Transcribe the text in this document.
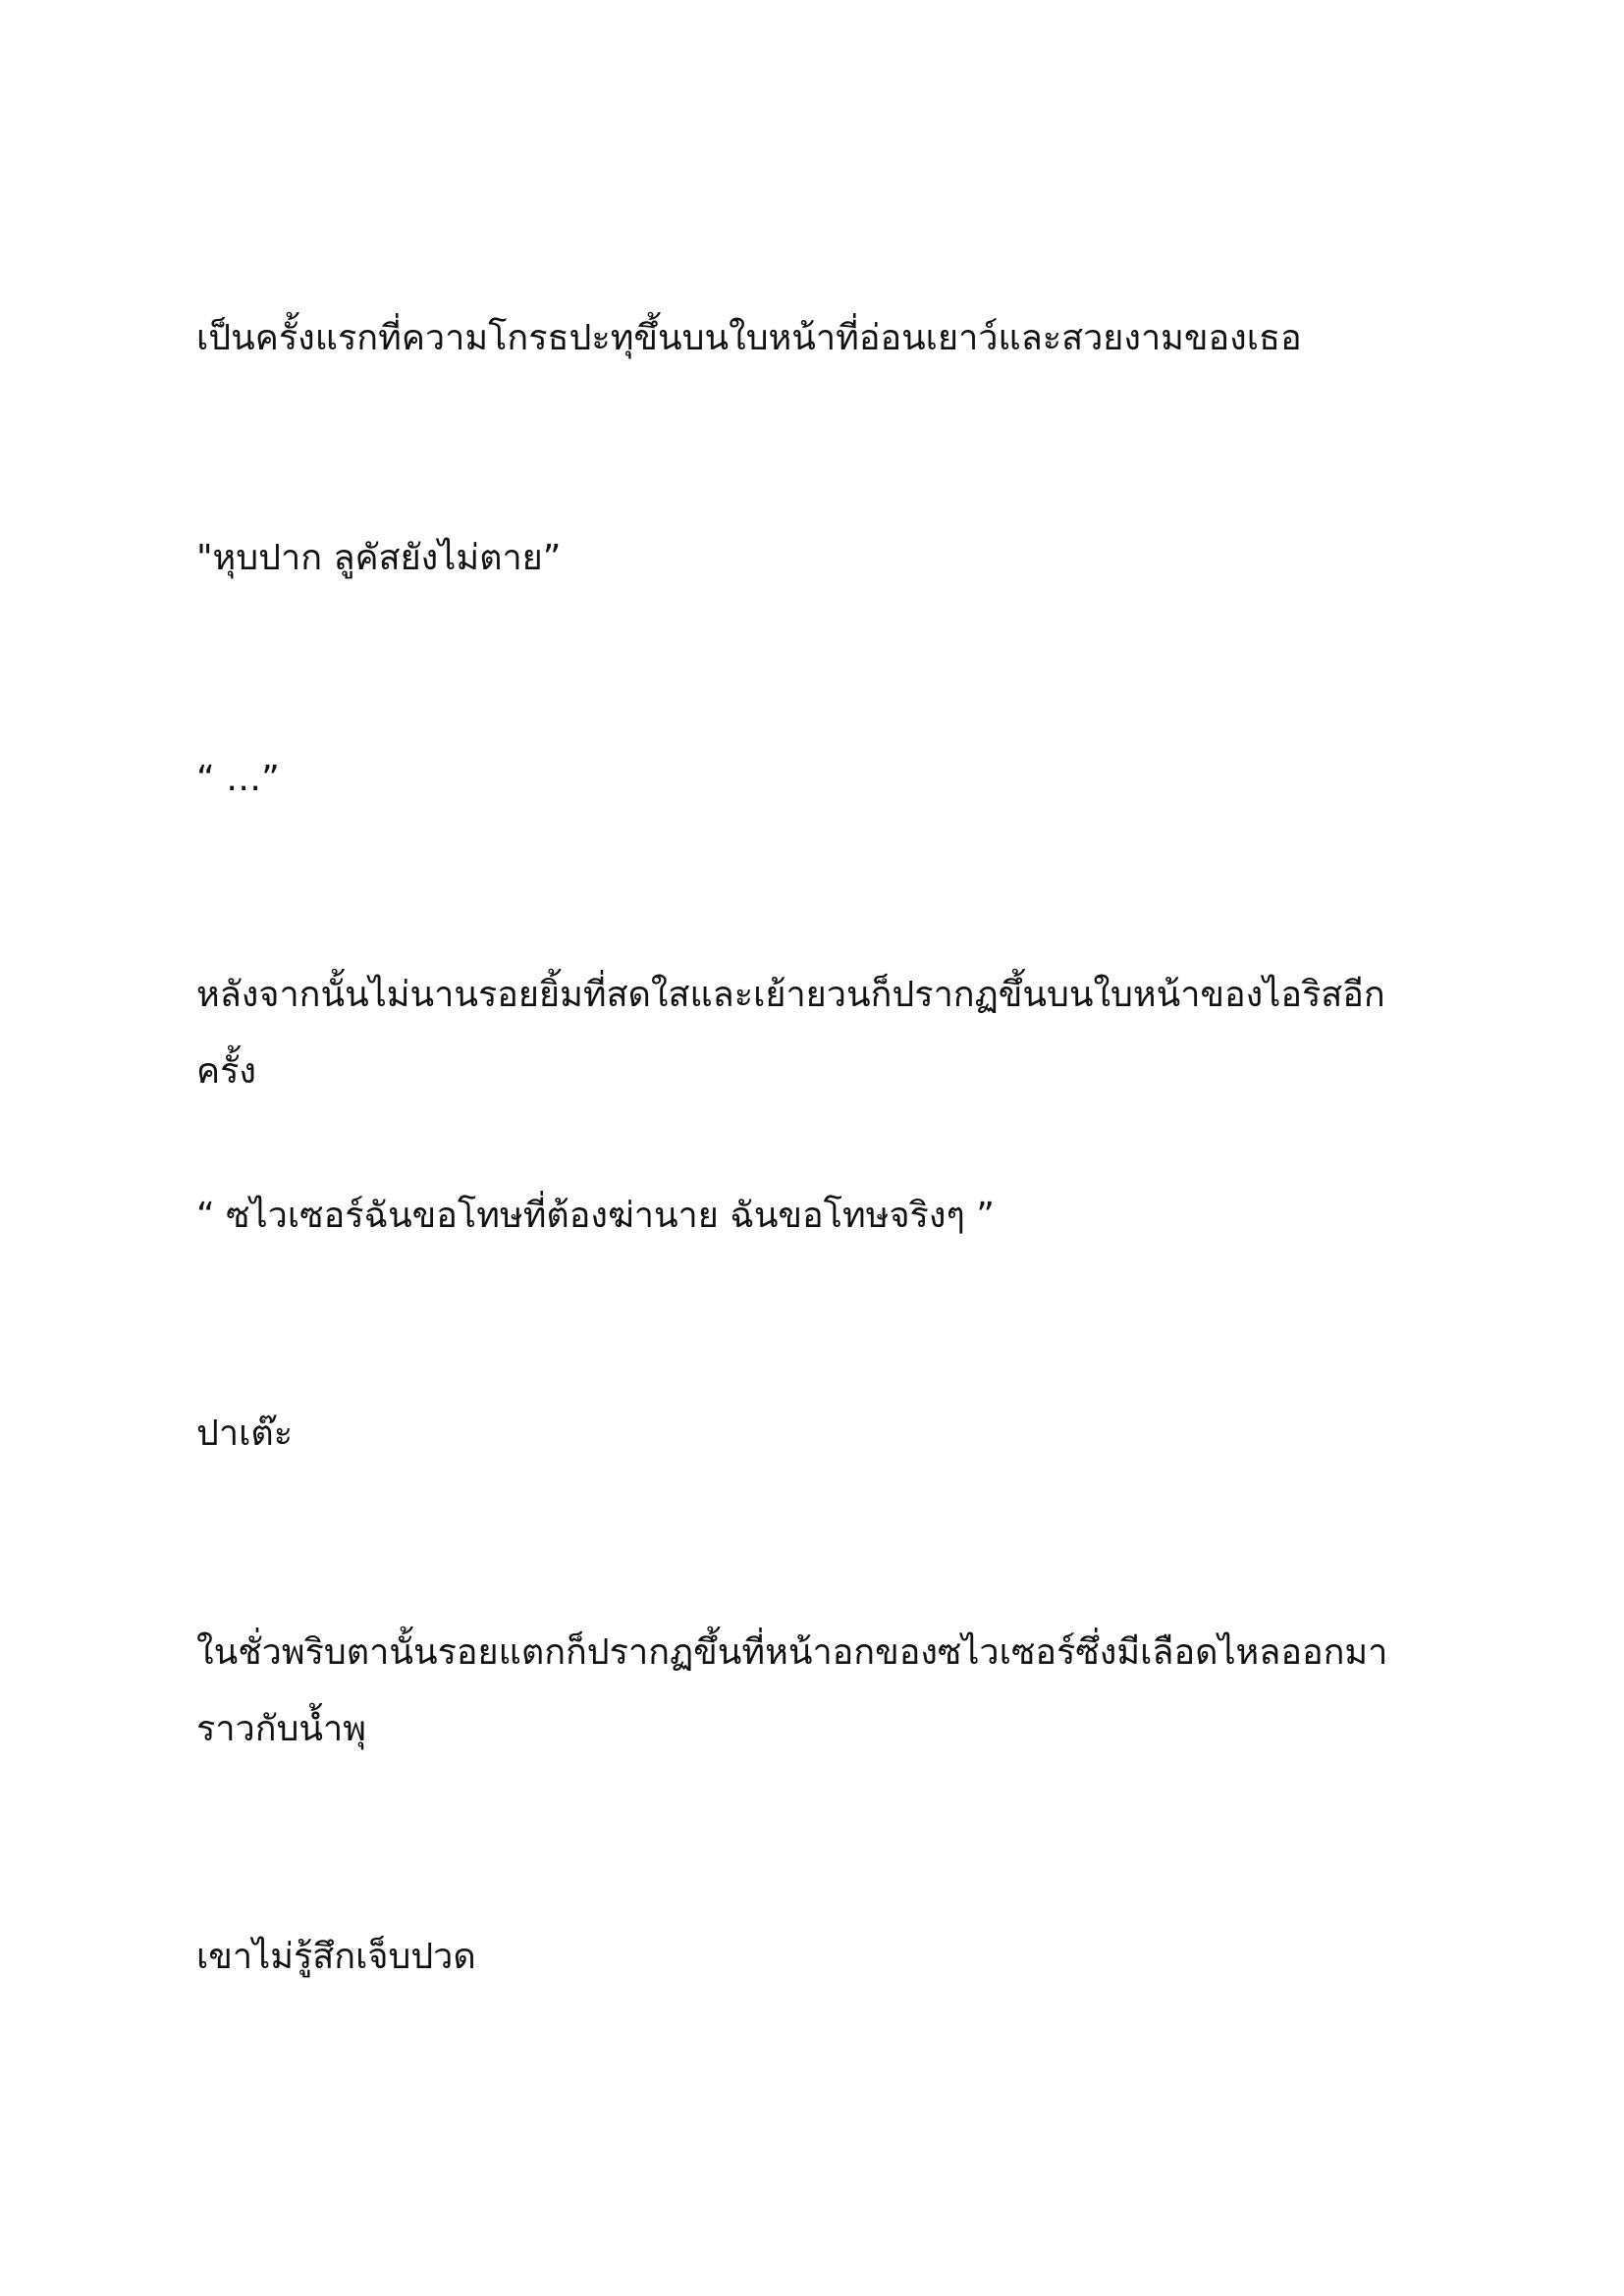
เป็นครั้งแรกที่ความโกรธปะทุขึ้นบนใบหน้าที่อ่อนเยาว์และสวยงามของเธอ

"หุบปาก ลูคัสยังไม่ตาย”

“ …”

หลังจากนั้นไม่นานรอยยิ้มที่สดใสและเย้ายวนก็ปรากฏขึ้นบนใบหน้าของไอริสอีกครั้ง

“ ซไวเซอร์ฉันขอโทษที่ต้องฆ่านาย ฉันขอโทษจริงๆ ”

ปาเต๊ะ

ในชั่วพริบตานั้นรอยแตกก็ปรากฏขึ้นที่หน้าอกของซไวเซอร์ซึ่งมีเลือดไหลออกมาราวกับน้ำพุ

เขาไม่รู้สึกเจ็บปวด
